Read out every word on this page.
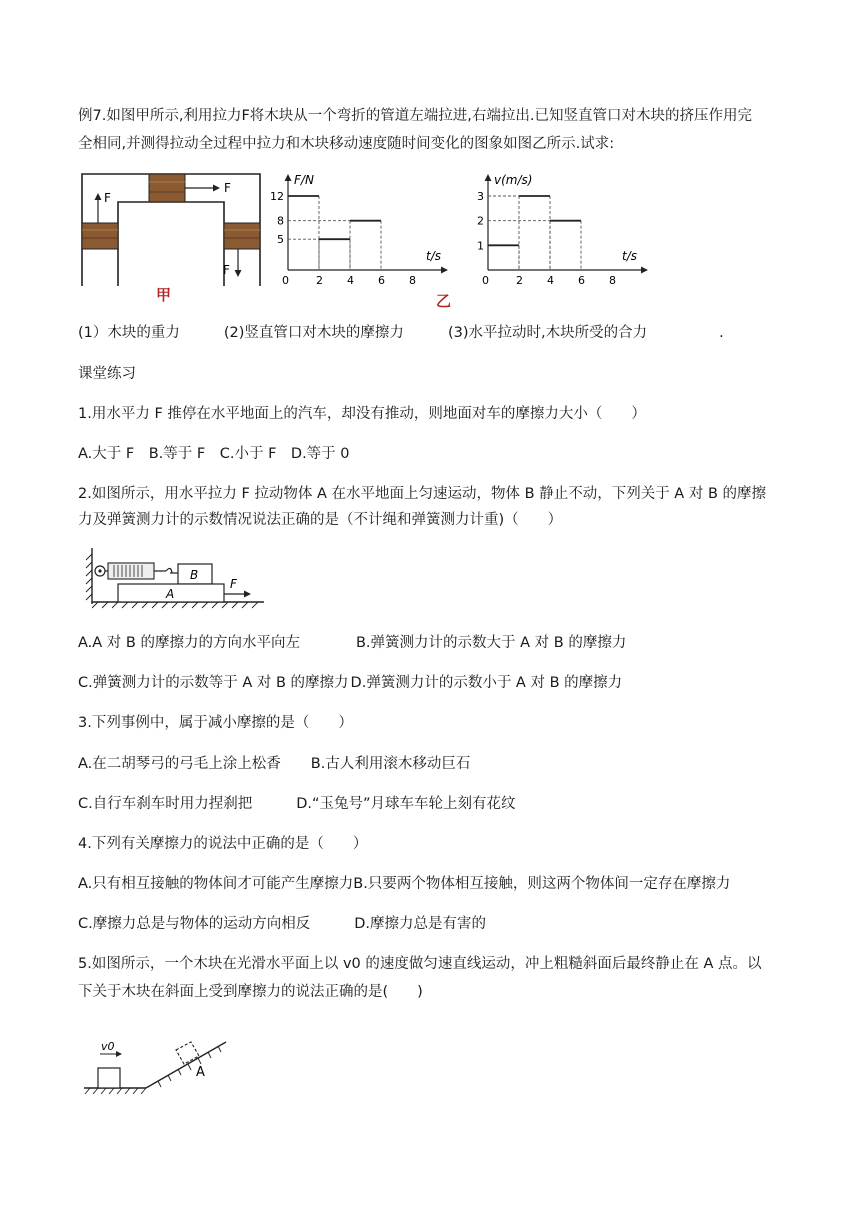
例7.如图甲所示,利用拉力F将木块从一个弯折的管道左端拉进,右端拉出.已知竖直管口对木块的挤压作用完
全相同,并测得拉动全过程中拉力和木块移动速度随时间变化的图象如图乙所示.试求:
F
F
F
甲
0 2 4 6 8
5
8
12
F/N
t/s
乙
0 2 4 6 8
1
2
3
v(m/s)
t/s
(1）木块的重力	(2)竖直管口对木块的摩擦力	(3)水平拉动时,木块所受的合力	.
课堂练习
1.用水平力 F 推停在水平地面上的汽车，却没有推动，则地面对车的摩擦力大小（　　）
A.大于 F　B.等于 F　C.小于 F　D.等于 0
2.如图所示，用水平拉力 F 拉动物体 A 在水平地面上匀速运动，物体 B 静止不动，下列关于 A 对 B 的摩擦
力及弹簧测力计的示数情况说法正确的是（不计绳和弹簧测力计重)（　　）
B
A
F
A.A 对 B 的摩擦力的方向水平向左	B.弹簧测力计的示数大于 A 对 B 的摩擦力
C.弹簧测力计的示数等于 A 对 B 的摩擦力 D.弹簧测力计的示数小于 A 对 B 的摩擦力
3.下列事例中，属于减小摩擦的是（　　）
A.在二胡琴弓的弓毛上涂上松香 B.古人利用滚木移动巨石
C.自行车刹车时用力捏刹把	D.“玉兔号”月球车车轮上刻有花纹
4.下列有关摩擦力的说法中正确的是（　　）
A.只有相互接触的物体间才可能产生摩擦力B.只要两个物体相互接触，则这两个物体间一定存在摩擦力
C.摩擦力总是与物体的运动方向相反	D.摩擦力总是有害的
5.如图所示，一个木块在光滑水平面上以 v0 的速度做匀速直线运动，冲上粗糙斜面后最终静止在 A 点。以
下关于木块在斜面上受到摩擦力的说法正确的是(　　)
v0
A
